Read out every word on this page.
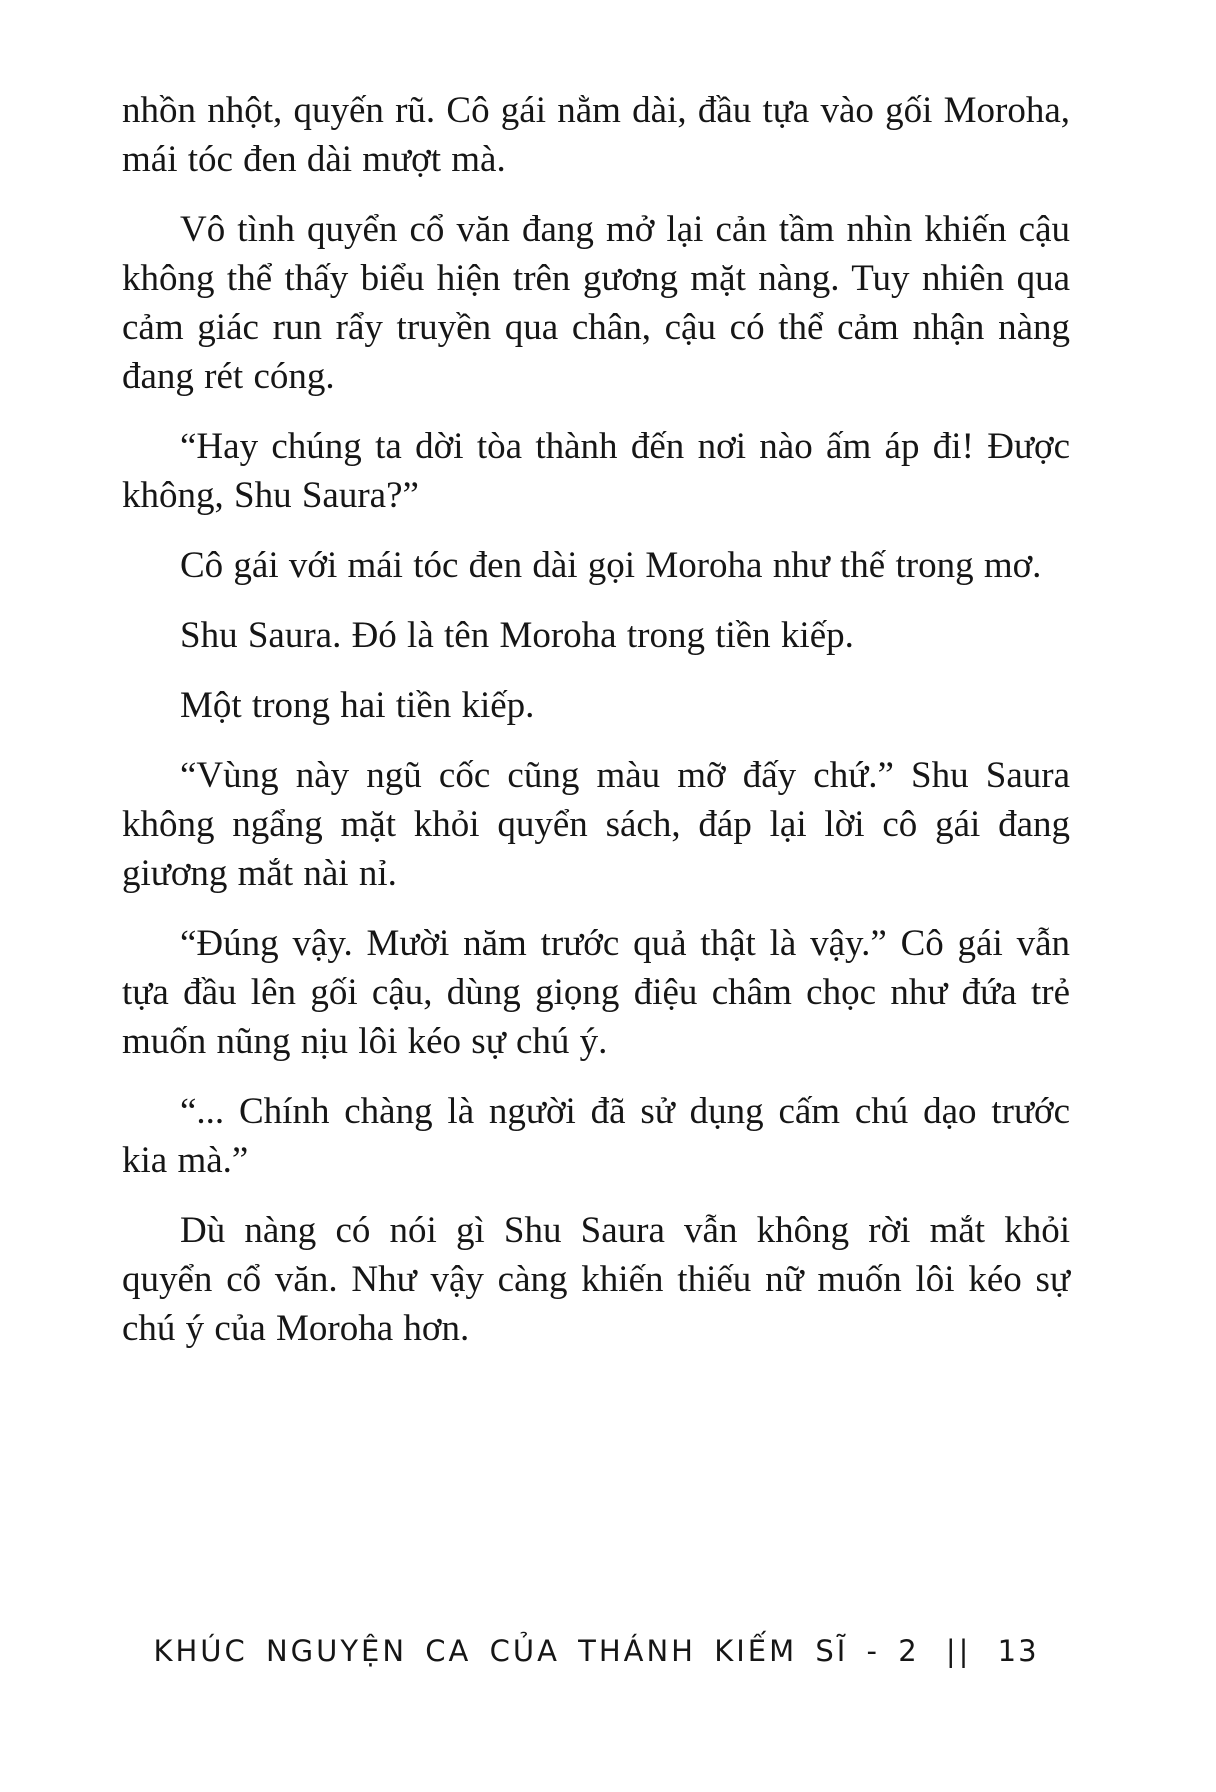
nhồn nhột, quyến rũ. Cô gái nằm dài, đầu tựa vào gối Moroha, mái tóc đen dài mượt mà.

Vô tình quyển cổ văn đang mở lại cản tầm nhìn khiến cậu không thể thấy biểu hiện trên gương mặt nàng. Tuy nhiên qua cảm giác run rẩy truyền qua chân, cậu có thể cảm nhận nàng đang rét cóng.

“Hay chúng ta dời tòa thành đến nơi nào ấm áp đi! Được không, Shu Saura?”

Cô gái với mái tóc đen dài gọi Moroha như thế trong mơ.

Shu Saura. Đó là tên Moroha trong tiền kiếp.

Một trong hai tiền kiếp.

“Vùng này ngũ cốc cũng màu mỡ đấy chứ.” Shu Saura không ngẩng mặt khỏi quyển sách, đáp lại lời cô gái đang giương mắt nài nỉ.

“Đúng vậy. Mười năm trước quả thật là vậy.” Cô gái vẫn tựa đầu lên gối cậu, dùng giọng điệu châm chọc như đứa trẻ muốn nũng nịu lôi kéo sự chú ý.

“... Chính chàng là người đã sử dụng cấm chú dạo trước kia mà.”

Dù nàng có nói gì Shu Saura vẫn không rời mắt khỏi quyển cổ văn. Như vậy càng khiến thiếu nữ muốn lôi kéo sự chú ý của Moroha hơn.

KHÚC NGUYỆN CA CỦA THÁNH KIẾM SĨ - 2 || 13
